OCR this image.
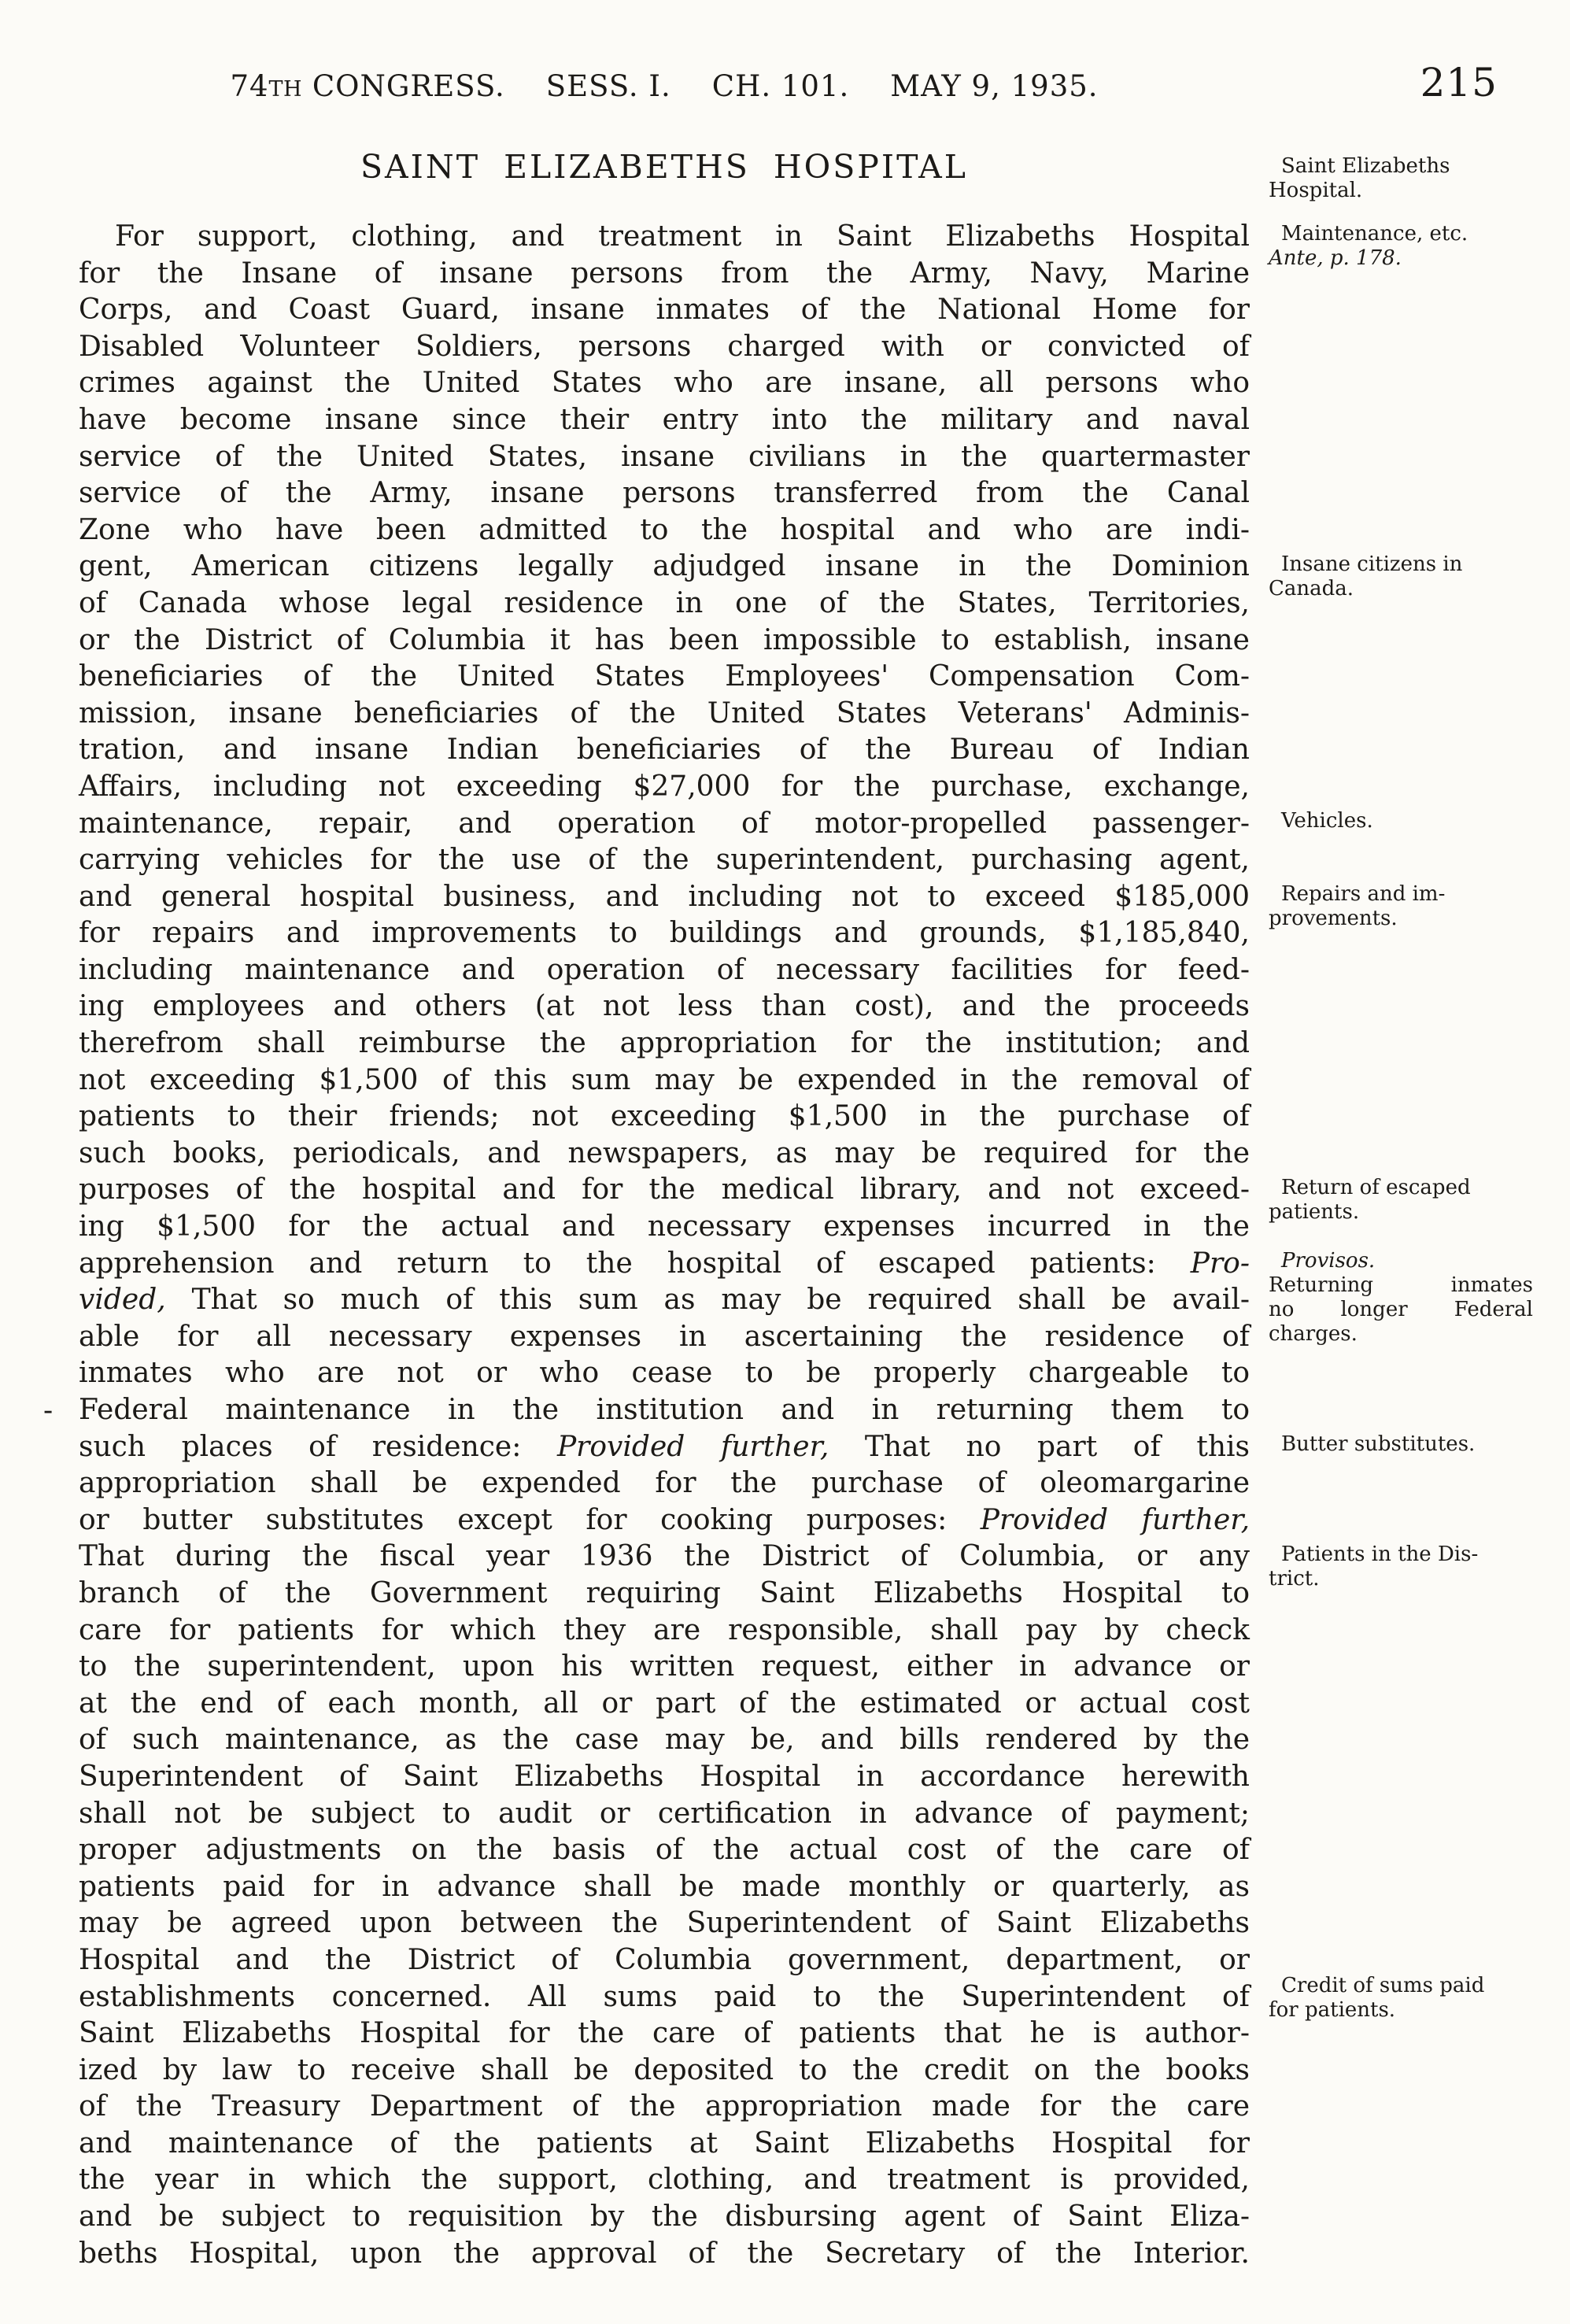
74TH CONGRESS. SESS. I. CH. 101. MAY 9, 1935.	215
SAINT ELIZABETHS HOSPITAL
For support, clothing, and treatment in Saint Elizabeths Hospital
for the Insane of insane persons from the Army, Navy, Marine
Corps, and Coast Guard, insane inmates of the National Home for
Disabled Volunteer Soldiers, persons charged with or convicted of
crimes against the United States who are insane, all persons who
have become insane since their entry into the military and naval
service of the United States, insane civilians in the quartermaster
service of the Army, insane persons transferred from the Canal
Zone who have been admitted to the hospital and who are indi-
gent, American citizens legally adjudged insane in the Dominion
of Canada whose legal residence in one of the States, Territories,
or the District of Columbia it has been impossible to establish, insane
beneficiaries of the United States Employees' Compensation Com-
mission, insane beneficiaries of the United States Veterans' Adminis-
tration, and insane Indian beneficiaries of the Bureau of Indian
Affairs, including not exceeding $27,000 for the purchase, exchange,
maintenance, repair, and operation of motor-propelled passenger-
carrying vehicles for the use of the superintendent, purchasing agent,
and general hospital business, and including not to exceed $185,000
for repairs and improvements to buildings and grounds, $1,185,840,
including maintenance and operation of necessary facilities for feed-
ing employees and others (at not less than cost), and the proceeds
therefrom shall reimburse the appropriation for the institution; and
not exceeding $1,500 of this sum may be expended in the removal of
patients to their friends; not exceeding $1,500 in the purchase of
such books, periodicals, and newspapers, as may be required for the
purposes of the hospital and for the medical library, and not exceed-
ing $1,500 for the actual and necessary expenses incurred in the
apprehension and return to the hospital of escaped patients: Pro-
vided, That so much of this sum as may be required shall be avail-
able for all necessary expenses in ascertaining the residence of
inmates who are not or who cease to be properly chargeable to
Federal maintenance in the institution and in returning them to
such places of residence: Provided further, That no part of this
appropriation shall be expended for the purchase of oleomargarine
or butter substitutes except for cooking purposes: Provided further,
That during the fiscal year 1936 the District of Columbia, or any
branch of the Government requiring Saint Elizabeths Hospital to
care for patients for which they are responsible, shall pay by check
to the superintendent, upon his written request, either in advance or
at the end of each month, all or part of the estimated or actual cost
of such maintenance, as the case may be, and bills rendered by the
Superintendent of Saint Elizabeths Hospital in accordance herewith
shall not be subject to audit or certification in advance of payment;
proper adjustments on the basis of the actual cost of the care of
patients paid for in advance shall be made monthly or quarterly, as
may be agreed upon between the Superintendent of Saint Elizabeths
Hospital and the District of Columbia government, department, or
establishments concerned. All sums paid to the Superintendent of
Saint Elizabeths Hospital for the care of patients that he is author-
ized by law to receive shall be deposited to the credit on the books
of the Treasury Department of the appropriation made for the care
and maintenance of the patients at Saint Elizabeths Hospital for
the year in which the support, clothing, and treatment is provided,
and be subject to requisition by the disbursing agent of Saint Eliza-
beths Hospital, upon the approval of the Secretary of the Interior.
Saint Elizabeths
Hospital.
Maintenance, etc.
Ante, p. 178.
Insane citizens in
Canada.
Vehicles.
Repairs and im-
provements.
Return of escaped
patients.
Provisos.
Returning inmates
no longer Federal
charges.
Butter substitutes.
Patients in the Dis-
trict.
Credit of sums paid
for patients.
-
